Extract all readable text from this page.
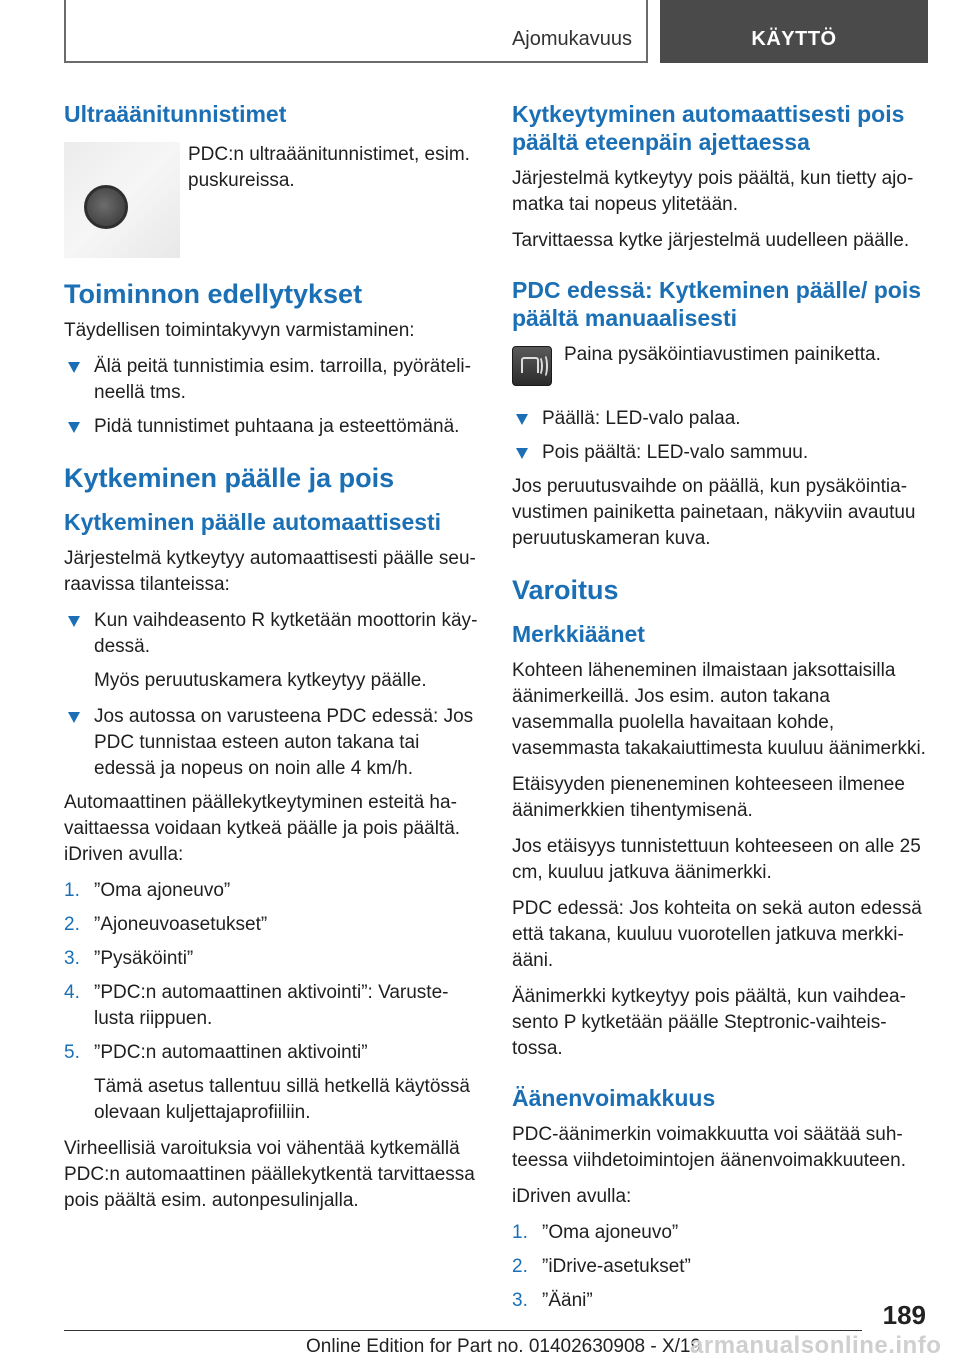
Ajomukavuus	KÄYTTÖ
Ultraäänitunnistimet
PDC:n ultraäänitunnistimet, esim. puskureissa.
Toiminnon edellytykset

Täydellisen toimintakyvyn varmistaminen:

Älä peitä tunnistimia esim. tarroilla, pyörätelineellä tms.
Pidä tunnistimet puhtaana ja esteettömänä.
Kytkeminen päälle ja pois
Kytkeminen päälle automaattisesti

Järjestelmä kytkeytyy automaattisesti päälle seuraavissa tilanteissa:

Kun vaihdeasento R kytketään moottorin käydessä.

Myös peruutuskamera kytkeytyy päälle.

Jos autossa on varusteena PDC edessä: Jos PDC tunnistaa esteen auton takana tai edessä ja nopeus on noin alle 4 km/h.

Automaattinen päällekytkeytyminen esteitä havaittaessa voidaan kytkeä päälle ja pois päältä. iDriven avulla:

1. ”Oma ajoneuvo”
2. ”Ajoneuvoasetukset”
3. ”Pysäköinti”
4. ”PDC:n automaattinen aktivointi”: Varustelusta riippuen.
5. ”PDC:n automaattinen aktivointi”

Tämä asetus tallentuu sillä hetkellä käytössä olevaan kuljettajaprofiiliin.

Virheellisiä varoituksia voi vähentää kytkemällä PDC:n automaattinen päällekytkentä tarvittaessa pois päältä esim. autonpesulinjalla.

Kytkeytyminen automaattisesti pois päältä eteenpäin ajettaessa

Järjestelmä kytkeytyy pois päältä, kun tietty ajomatka tai nopeus ylitetään.

Tarvittaessa kytke järjestelmä uudelleen päälle.

PDC edessä: Kytkeminen päälle/ pois päältä manuaalisesti
Paina pysäköintiavustimen painiketta.
Päällä: LED-valo palaa.
Pois päältä: LED-valo sammuu.

Jos peruutusvaihde on päällä, kun pysäköintiavustimen painiketta painetaan, näkyviin avautuu peruutuskameran kuva.

Varoitus
Merkkiäänet

Kohteen läheneminen ilmaistaan jaksottaisilla äänimerkeillä. Jos esim. auton takana vasemmalla puolella havaitaan kohde, vasemmasta takakaiuttimesta kuuluu äänimerkki.

Etäisyyden pieneneminen kohteeseen ilmenee äänimerkkien tihentymisenä.

Jos etäisyys tunnistettuun kohteeseen on alle 25 cm, kuuluu jatkuva äänimerkki.

PDC edessä: Jos kohteita on sekä auton edessä että takana, kuuluu vuorotellen jatkuva merkkiääni.

Äänimerkki kytkeytyy pois päältä, kun vaihdeasento P kytketään päälle Steptronic-vaihteistossa.

Äänenvoimakkuus

PDC-äänimerkin voimakkuutta voi säätää suhteessa viihdetoimintojen äänenvoimakkuuteen.

iDriven avulla:

1. ”Oma ajoneuvo”
2. ”iDrive-asetukset”
3. ”Ääni”	189
Online Edition for Part no. 01402630908 - X/19
armanualsonline.info
